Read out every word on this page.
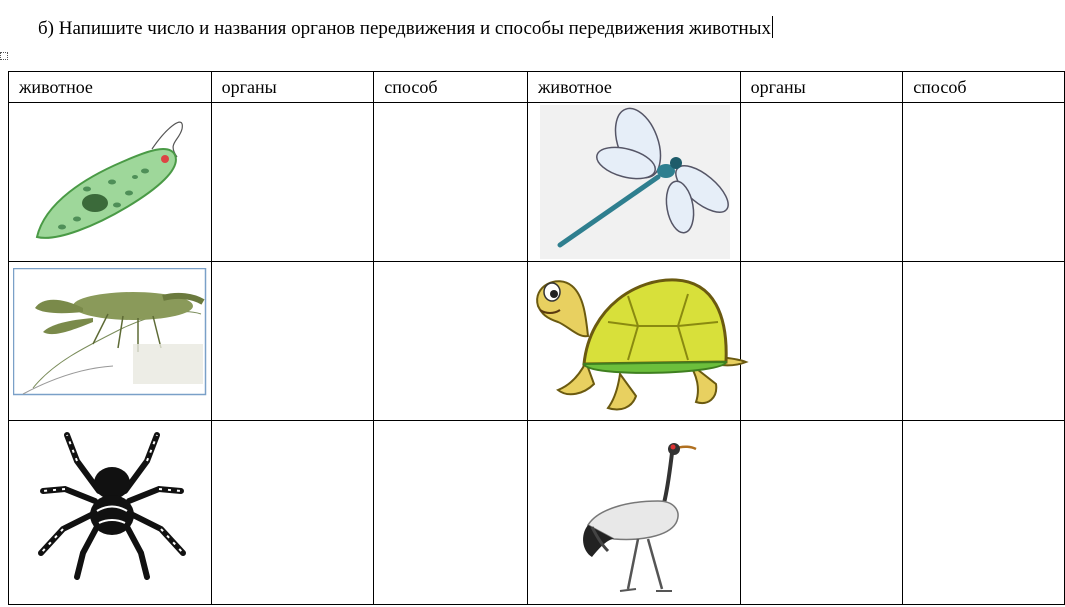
б) Напишите число и названия органов передвижения и способы передвижения животных
животное	органы	способ	животное	органы	способ
